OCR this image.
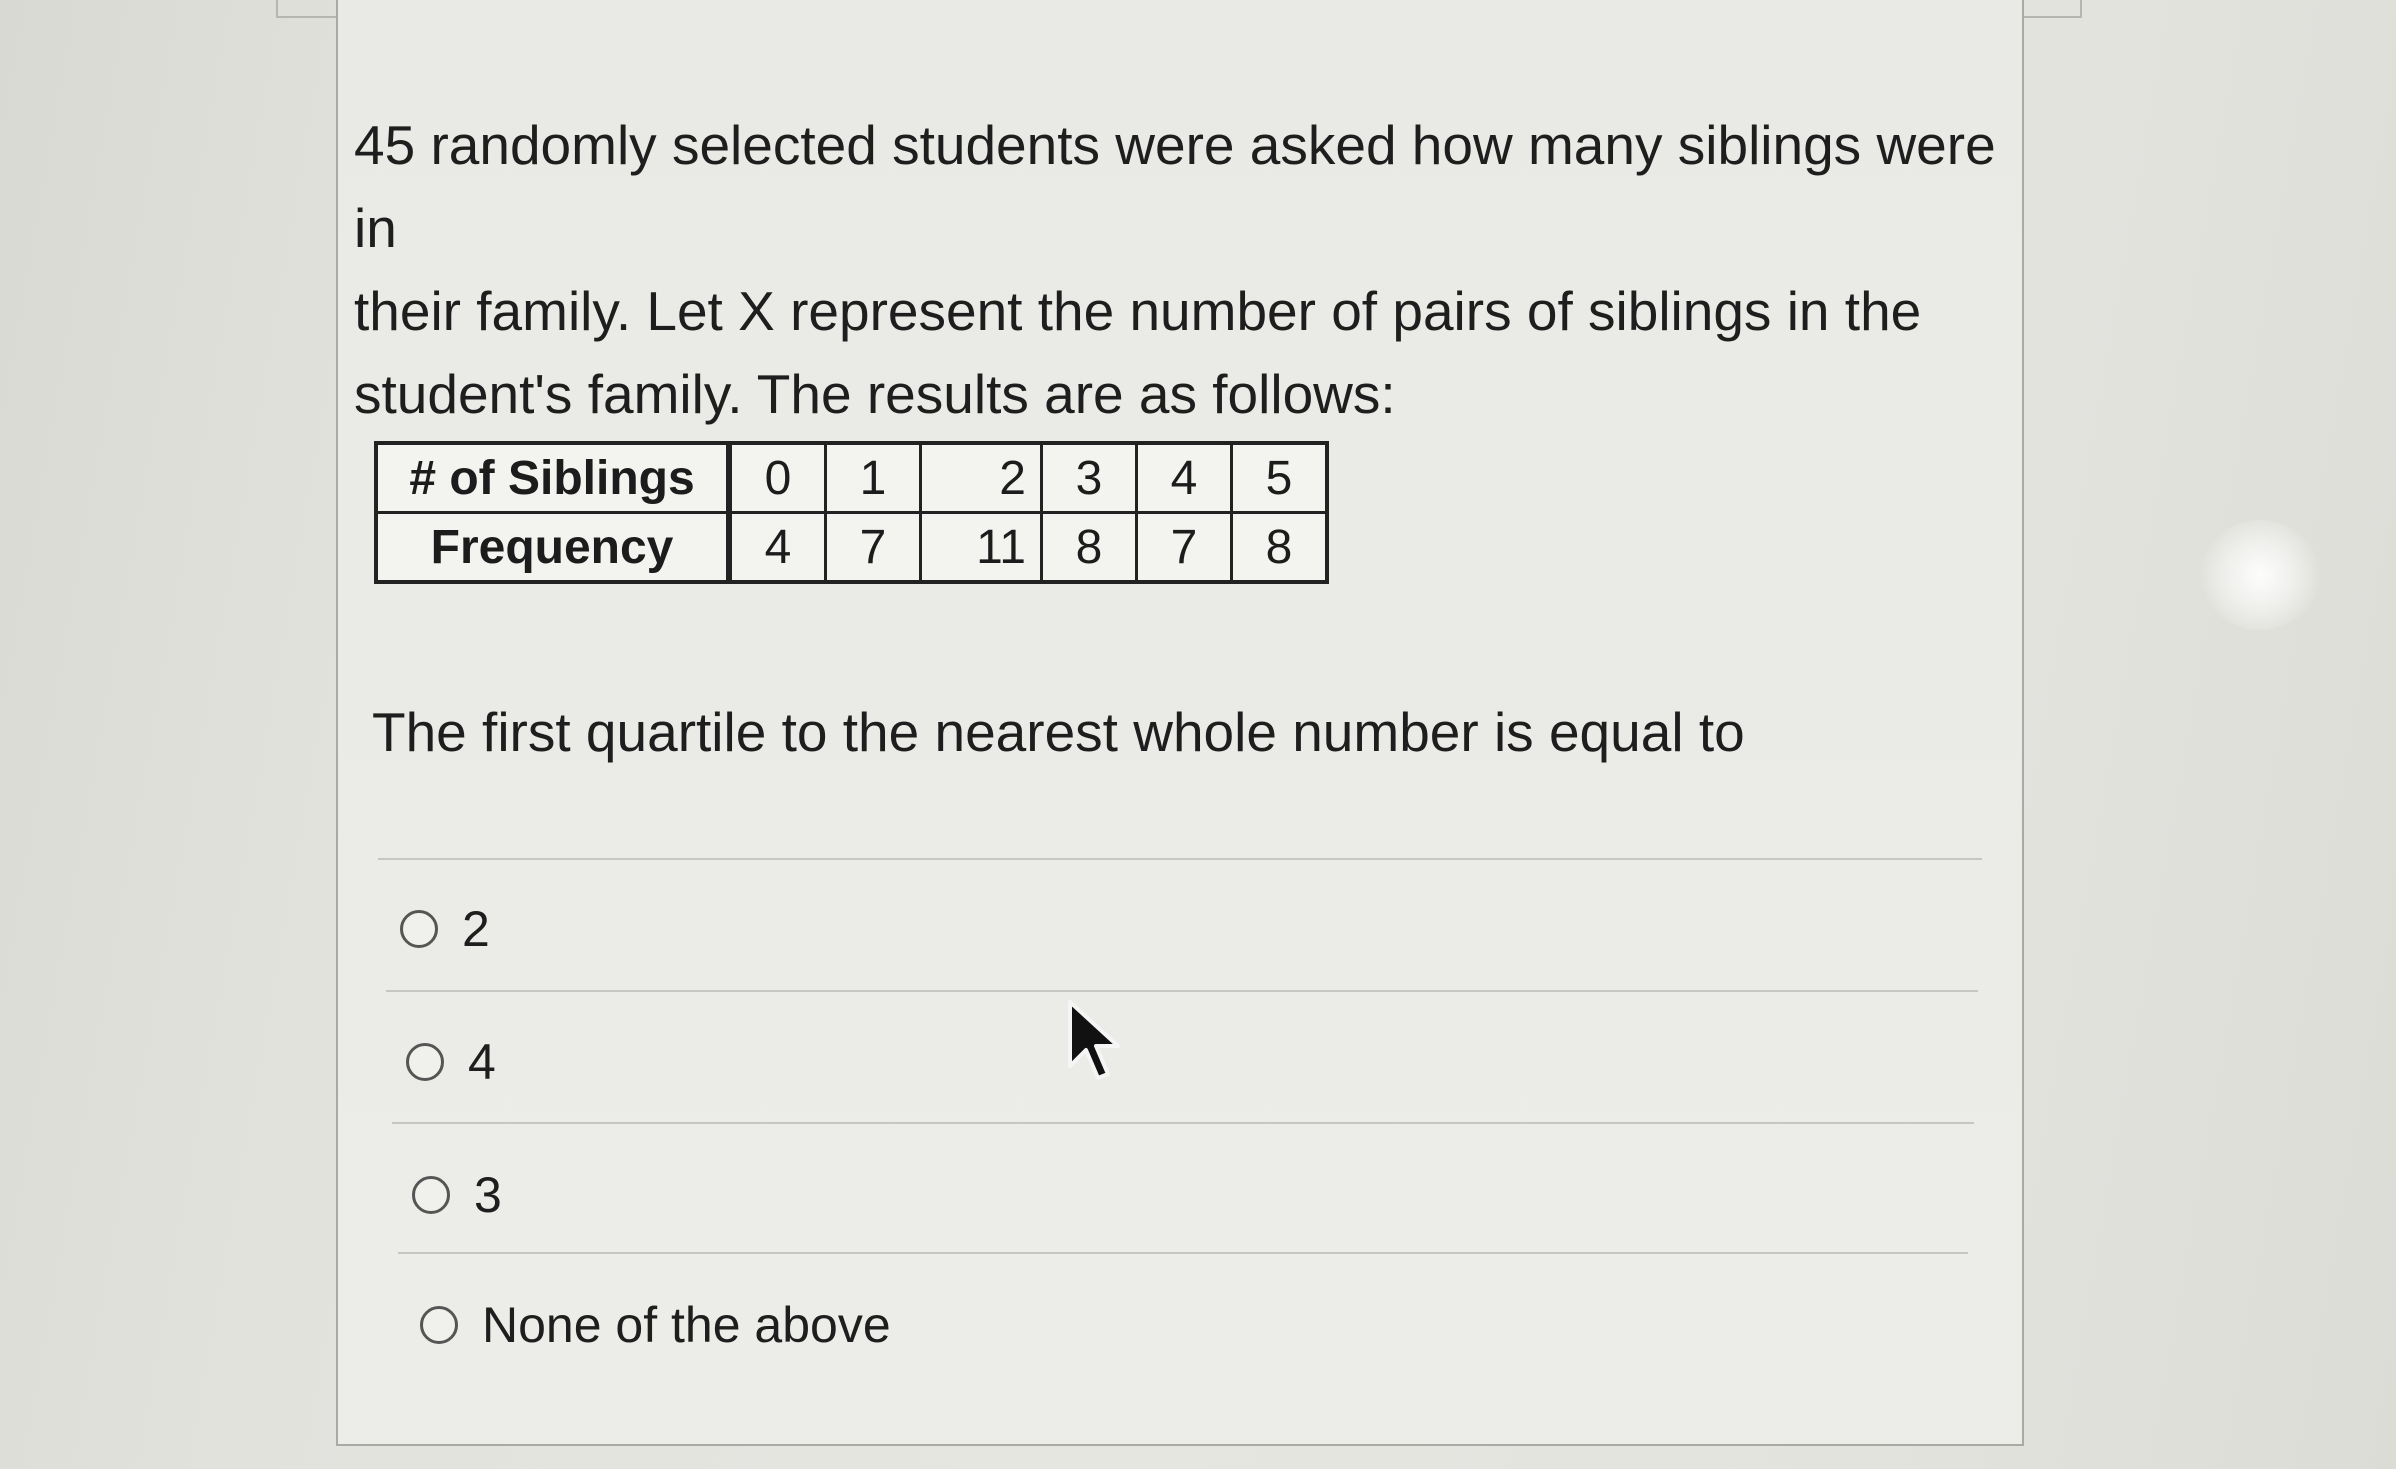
45 randomly selected students were asked how many siblings were in
their family. Let X represent the number of pairs of siblings in the
student's family. The results are as follows:
# of Siblings	0	1	2	3	4	5
Frequency	4	7	11	8	7	8
The first quartile to the nearest whole number is equal to
2
4
3
None of the above
